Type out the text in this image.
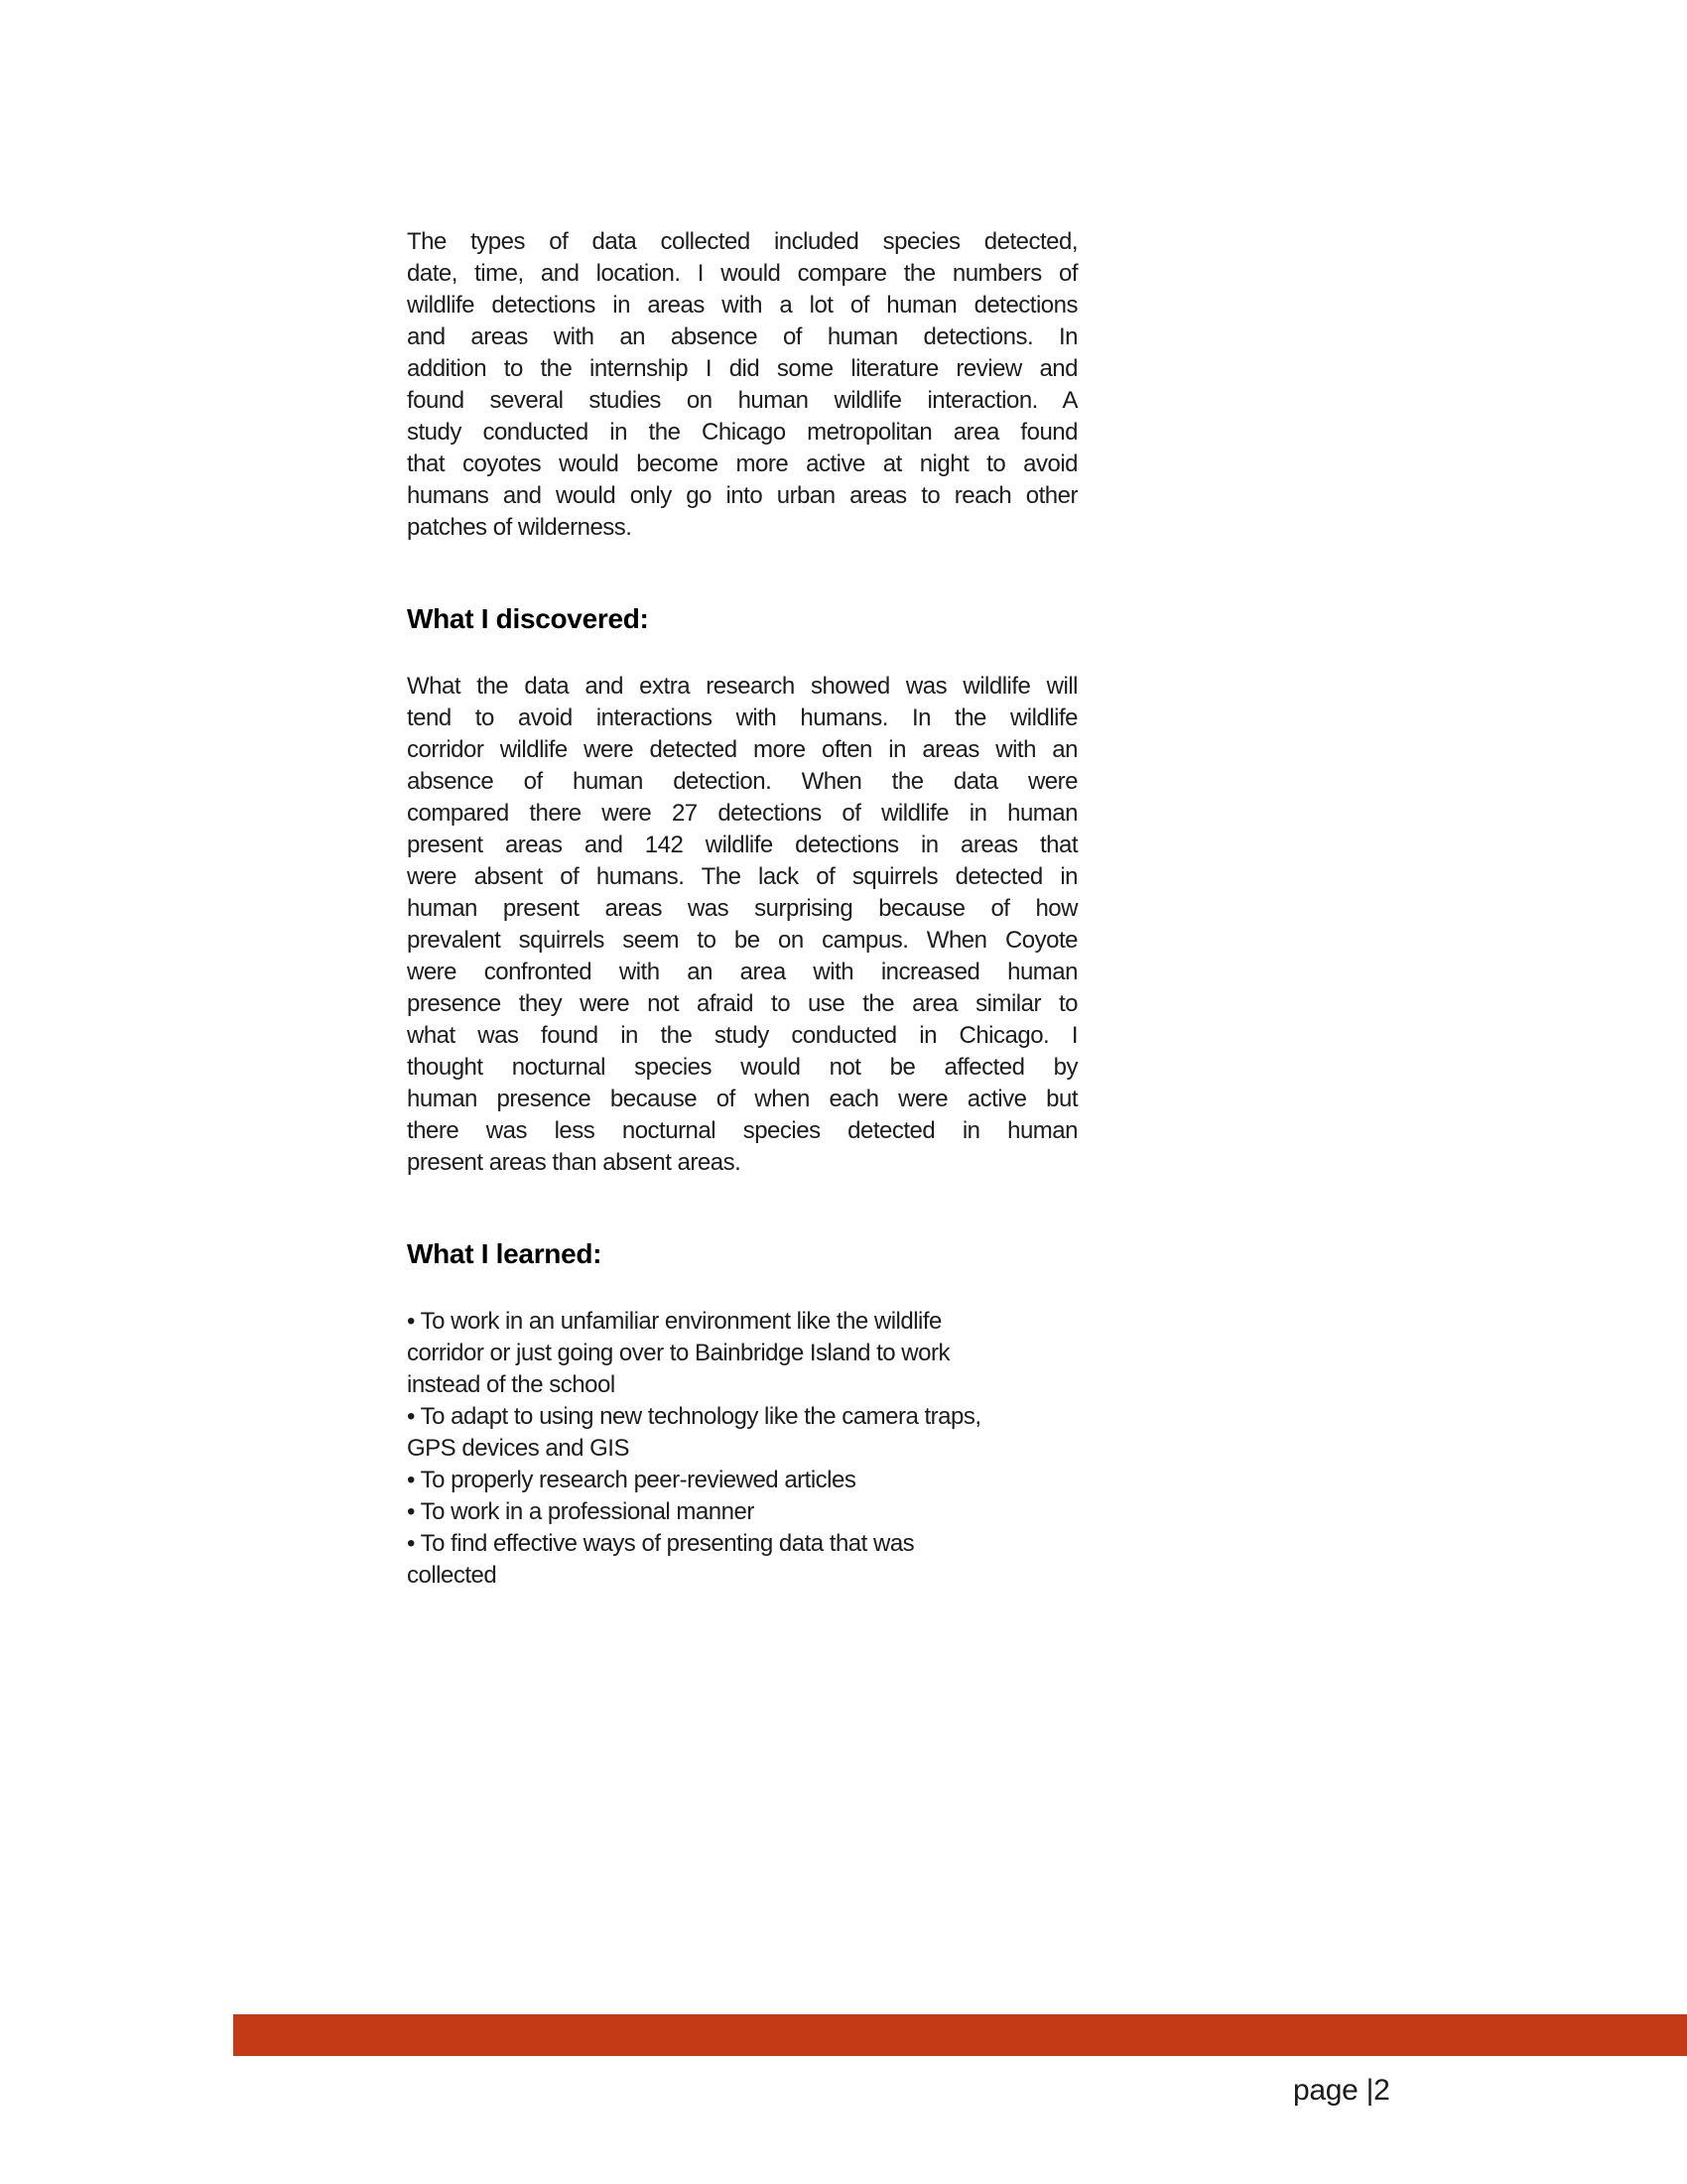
The types of data collected included species detected,
date, time, and location. I would compare the numbers of
wildlife detections in areas with a lot of human detections
and areas with an absence of human detections. In
addition to the internship I did some literature review and
found several studies on human wildlife interaction. A
study conducted in the Chicago metropolitan area found
that coyotes would become more active at night to avoid
humans and would only go into urban areas to reach other
patches of wilderness.
What I discovered:
What the data and extra research showed was wildlife will
tend to avoid interactions with humans. In the wildlife
corridor wildlife were detected more often in areas with an
absence of human detection. When the data were
compared there were 27 detections of wildlife in human
present areas and 142 wildlife detections in areas that
were absent of humans. The lack of squirrels detected in
human present areas was surprising because of how
prevalent squirrels seem to be on campus. When Coyote
were confronted with an area with increased human
presence they were not afraid to use the area similar to
what was found in the study conducted in Chicago. I
thought nocturnal species would not be affected by
human presence because of when each were active but
there was less nocturnal species detected in human
present areas than absent areas.
What I learned:
• To work in an unfamiliar environment like the wildlife
corridor or just going over to Bainbridge Island to work
instead of the school
• To adapt to using new technology like the camera traps,
GPS devices and GIS
• To properly research peer-reviewed articles
• To work in a professional manner
• To find effective ways of presenting data that was
collected
page |2
